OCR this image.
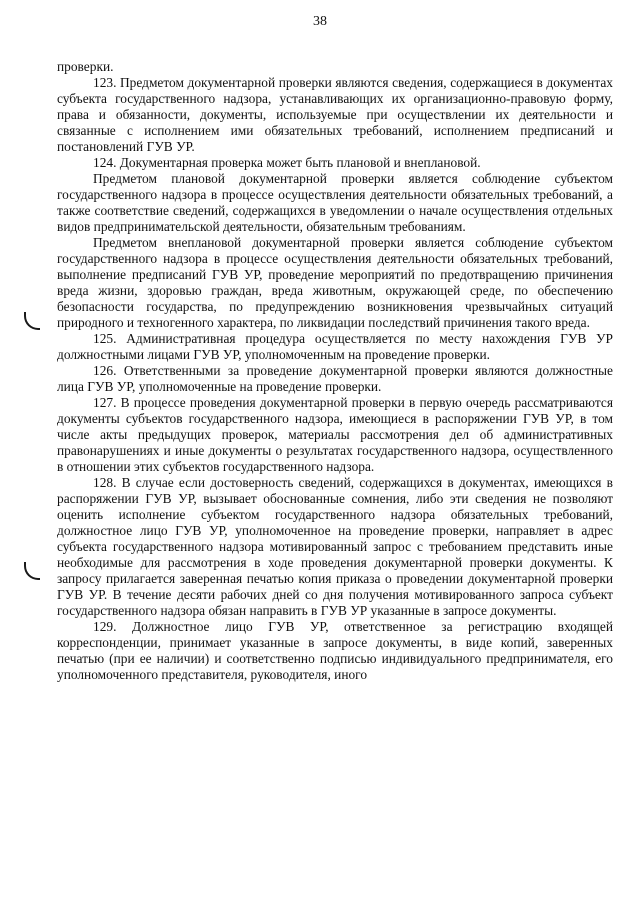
38

проверки.

123. Предметом документарной проверки являются сведения, содержащиеся в документах субъекта государственного надзора, устанавливающих их организационно-правовую форму, права и обязанности, документы, используемые при осуществлении их деятельности и связанные с исполнением ими обязательных требований, исполнением предписаний и постановлений ГУВ УР.

124. Документарная проверка может быть плановой и внеплановой.

Предметом плановой документарной проверки является соблюдение субъектом государственного надзора в процессе осуществления деятельности обязательных требований, а также соответствие сведений, содержащихся в уведомлении о начале осуществления отдельных видов предпринимательской деятельности, обязательным требованиям.

Предметом внеплановой документарной проверки является соблюдение субъектом государственного надзора в процессе осуществления деятельности обязательных требований, выполнение предписаний ГУВ УР, проведение мероприятий по предотвращению причинения вреда жизни, здоровью граждан, вреда животным, окружающей среде, по обеспечению безопасности государства, по предупреждению возникновения чрезвычайных ситуаций природного и техногенного характера, по ликвидации последствий причинения такого вреда.

125. Административная процедура осуществляется по месту нахождения ГУВ УР должностными лицами ГУВ УР, уполномоченным на проведение проверки.

126. Ответственными за проведение документарной проверки являются должностные лица ГУВ УР, уполномоченные на проведение проверки.

127. В процессе проведения документарной проверки в первую очередь рассматриваются документы субъектов государственного надзора, имеющиеся в распоряжении ГУВ УР, в том числе акты предыдущих проверок, материалы рассмотрения дел об административных правонарушениях и иные документы о результатах государственного надзора, осуществленного в отношении этих субъектов государственного надзора.

128. В случае если достоверность сведений, содержащихся в документах, имеющихся в распоряжении ГУВ УР, вызывает обоснованные сомнения, либо эти сведения не позволяют оценить исполнение субъектом государственного надзора обязательных требований, должностное лицо ГУВ УР, уполномоченное на проведение проверки, направляет в адрес субъекта государственного надзора мотивированный запрос с требованием представить иные необходимые для рассмотрения в ходе проведения документарной проверки документы. К запросу прилагается заверенная печатью копия приказа о проведении документарной проверки ГУВ УР. В течение десяти рабочих дней со дня получения мотивированного запроса субъект государственного надзора обязан направить в ГУВ УР указанные в запросе документы.

129. Должностное лицо ГУВ УР, ответственное за регистрацию входящей корреспонденции, принимает указанные в запросе документы, в виде копий, заверенных печатью (при ее наличии) и соответственно подписью индивидуального предпринимателя, его уполномоченного представителя, руководителя, иного
